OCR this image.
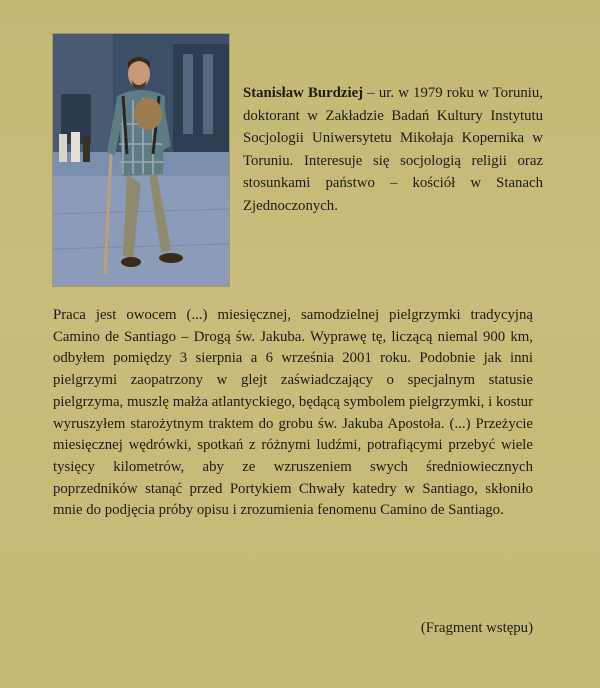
Stanisław Burdziej – ur. w 1979 roku w Toruniu, doktorant w Zakładzie Badań Kultury Instytutu Socjologii Uniwersytetu Mikołaja Kopernika w Toruniu. Interesuje się socjologią religii oraz stosunkami państwo – kościół w Stanach Zjednoczonych.

Praca jest owocem (...) miesięcznej, samodzielnej pielgrzymki tradycyjną Camino de Santiago – Drogą św. Jakuba. Wyprawę tę, liczącą niemal 900 km, odbyłem pomiędzy 3 sierpnia a 6 września 2001 roku. Podobnie jak inni pielgrzymi zaopatrzony w glejt zaświadczający o specjalnym statusie pielgrzyma, muszlę małża atlantyckiego, będącą symbolem pielgrzymki, i kostur wyruszyłem starożytnym traktem do grobu św. Jakuba Apostoła. (...) Przeżycie miesięcznej wędrówki, spotkań z różnymi ludźmi, potrafiącymi przebyć wiele tysięcy kilometrów, aby ze wzruszeniem swych średniowiecznych poprzedników stanąć przed Portykiem Chwały katedry w Santiago, skłoniło mnie do podjęcia próby opisu i zrozumienia fenomenu Camino de Santiago.

(Fragment wstępu)
